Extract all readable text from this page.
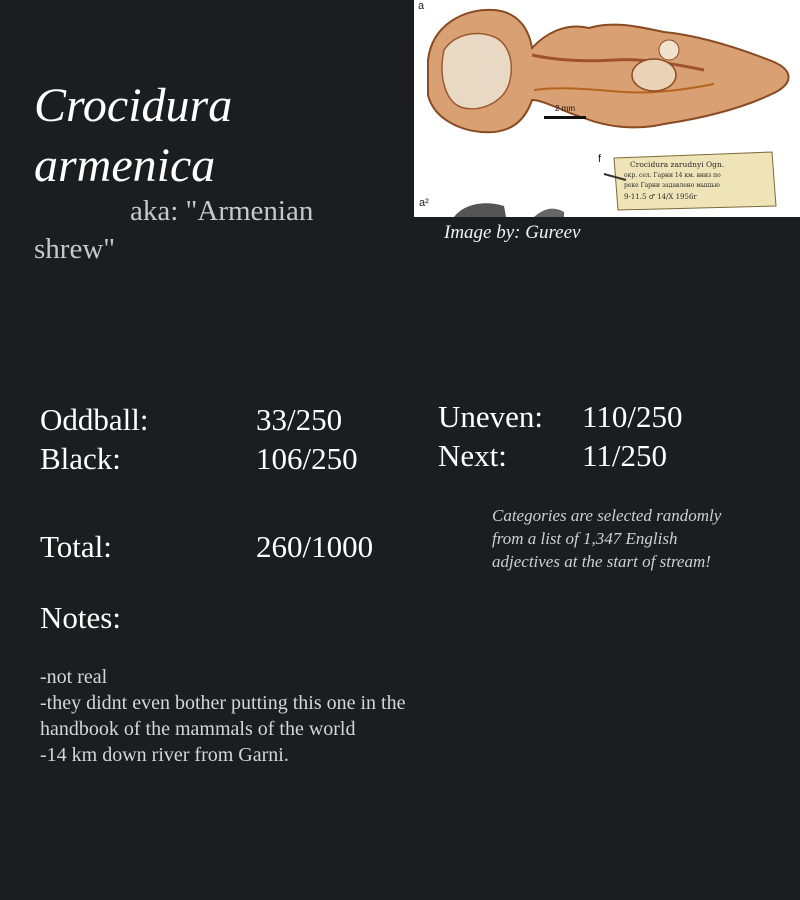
Crocidura armenica
aka: "Armenian shrew"
2 mm
a
a²
f	Crocidura zarudnyi Ogn.
окр. сел. Гарни 14 км. вниз по
реке Гарни задавлено мышью
9-11.5 ♂ 14/X 1956г
Image by: Gureev
Oddball:	33/250
Black:	106/250
Uneven: 110/250
Next: 11/250
Total:	260/1000
Categories are selected randomly from a list of 1,347 English adjectives at the start of stream!
Notes:
-not real
-they didnt even bother putting this one in the handbook of the mammals of the world
-14 km down river from Garni.
